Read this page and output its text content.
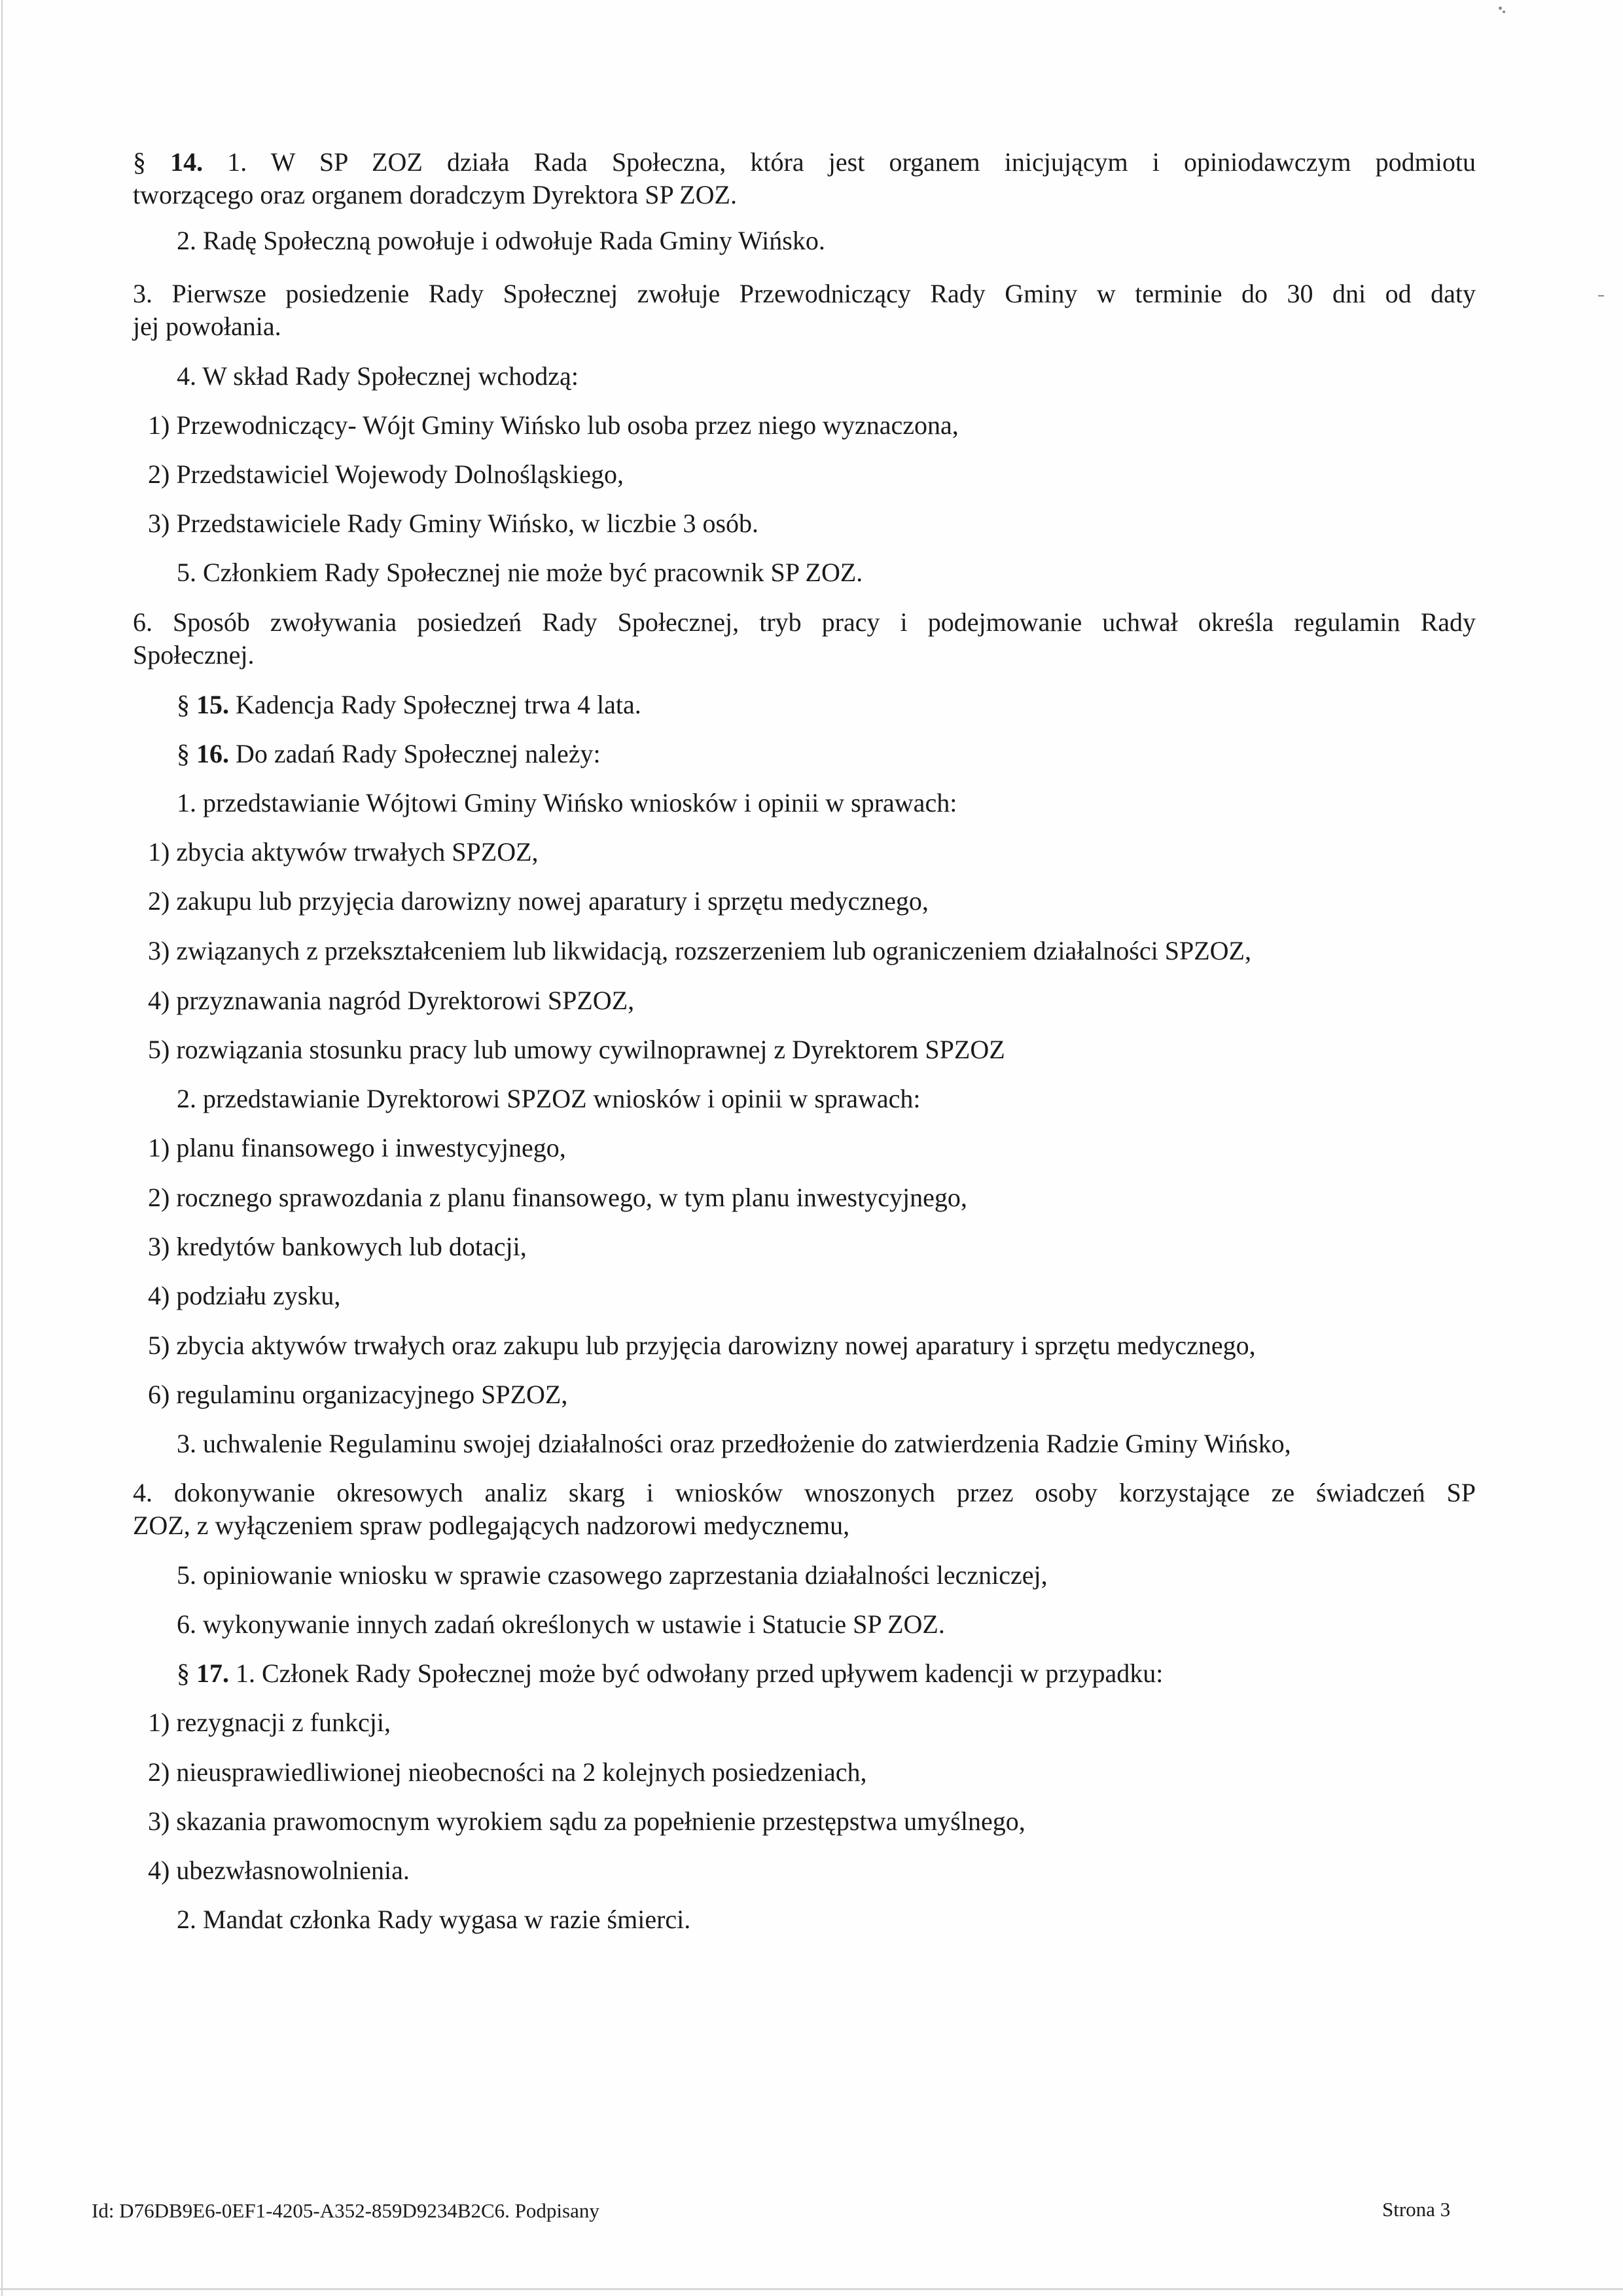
§ 14. 1. W SP ZOZ działa Rada Społeczna, która jest organem inicjującym i opiniodawczym podmiotu
tworzącego oraz organem doradczym Dyrektora SP ZOZ.
2. Radę Społeczną powołuje i odwołuje Rada Gminy Wińsko.
3. Pierwsze posiedzenie Rady Społecznej zwołuje Przewodniczący Rady Gminy w terminie do 30 dni od daty
jej powołania.
4. W skład Rady Społecznej wchodzą:
1) Przewodniczący- Wójt Gminy Wińsko lub osoba przez niego wyznaczona,
2) Przedstawiciel Wojewody Dolnośląskiego,
3) Przedstawiciele Rady Gminy Wińsko, w liczbie 3 osób.
5. Członkiem Rady Społecznej nie może być pracownik SP ZOZ.
6. Sposób zwoływania posiedzeń Rady Społecznej, tryb pracy i podejmowanie uchwał określa regulamin Rady
Społecznej.
§ 15. Kadencja Rady Społecznej trwa 4 lata.
§ 16. Do zadań Rady Społecznej należy:
1. przedstawianie Wójtowi Gminy Wińsko wniosków i opinii w sprawach:
1) zbycia aktywów trwałych SPZOZ,
2) zakupu lub przyjęcia darowizny nowej aparatury i sprzętu medycznego,
3) związanych z przekształceniem lub likwidacją, rozszerzeniem lub ograniczeniem działalności SPZOZ,
4) przyznawania nagród Dyrektorowi SPZOZ,
5) rozwiązania stosunku pracy lub umowy cywilnoprawnej z Dyrektorem SPZOZ
2. przedstawianie Dyrektorowi SPZOZ wniosków i opinii w sprawach:
1) planu finansowego i inwestycyjnego,
2) rocznego sprawozdania z planu finansowego, w tym planu inwestycyjnego,
3) kredytów bankowych lub dotacji,
4) podziału zysku,
5) zbycia aktywów trwałych oraz zakupu lub przyjęcia darowizny nowej aparatury i sprzętu medycznego,
6) regulaminu organizacyjnego SPZOZ,
3. uchwalenie Regulaminu swojej działalności oraz przedłożenie do zatwierdzenia Radzie Gminy Wińsko,
4. dokonywanie okresowych analiz skarg i wniosków wnoszonych przez osoby korzystające ze świadczeń SP
ZOZ, z wyłączeniem spraw podlegających nadzorowi medycznemu,
5. opiniowanie wniosku w sprawie czasowego zaprzestania działalności leczniczej,
6. wykonywanie innych zadań określonych w ustawie i Statucie SP ZOZ.
§ 17. 1. Członek Rady Społecznej może być odwołany przed upływem kadencji w przypadku:
1) rezygnacji z funkcji,
2) nieusprawiedliwionej nieobecności na 2 kolejnych posiedzeniach,
3) skazania prawomocnym wyrokiem sądu za popełnienie przestępstwa umyślnego,
4) ubezwłasnowolnienia.
2. Mandat członka Rady wygasa w razie śmierci.
Id: D76DB9E6-0EF1-4205-A352-859D9234B2C6. Podpisany	Strona 3
